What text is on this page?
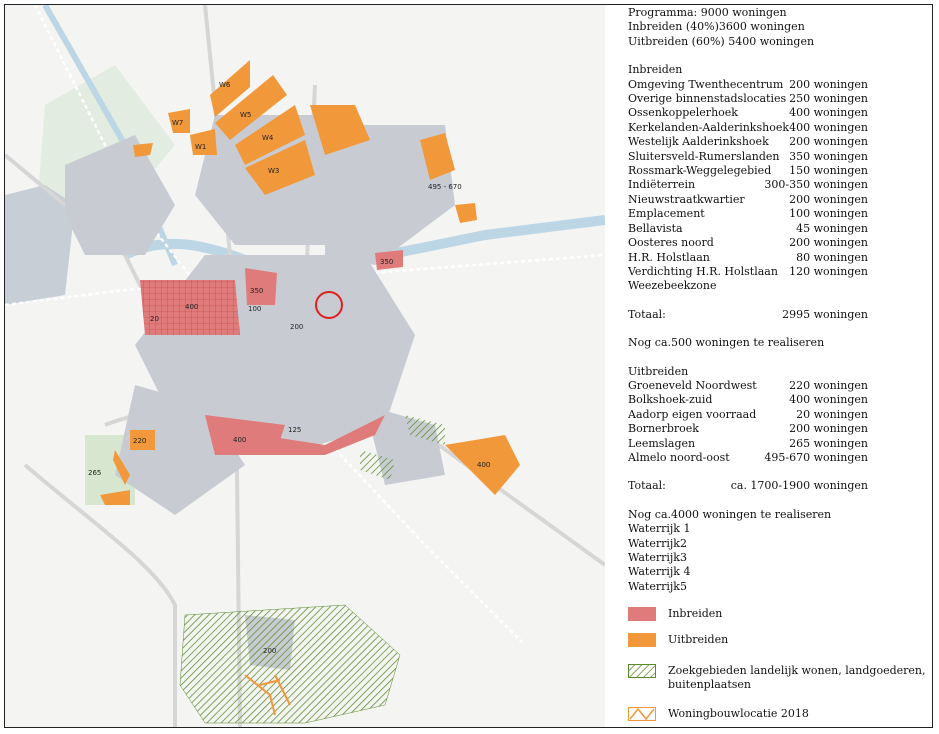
W6
W5
W7
W1
W4
W3
495 - 670
350
350
400
20
100
200
265
220	400
125
400
200
Programma: 9000 woningen
Inbreiden (40%)3600 woningen
Uitbreiden (60%) 5400 woningen
Inbreiden
Omgeving Twenthecentrum 200 woningen
Overige binnenstadslocaties 250 woningen
Ossenkoppelerhoek	400 woningen
Kerkelanden-Aalderinkshoek 400 woningen
Westelijk Aalderinkshoek 200 woningen
Sluitersveld-Rumerslanden 350 woningen
Rossmark-Weggelegebied 150 woningen
Indiëterrein	300-350 woningen
Nieuwstraatkwartier	200 woningen
Emplacement	100 woningen
Bellavista	45 woningen
Oosteres noord	200 woningen
H.R. Holstlaan	80 woningen
Verdichting H.R. Holstlaan 120 woningen
Weezebeekzone
Totaal:	2995 woningen
Nog ca.500 woningen te realiseren
Uitbreiden
Groeneveld Noordwest	220 woningen
Bolkshoek-zuid	400 woningen
Aadorp eigen voorraad	20 woningen
Bornerbroek	200 woningen
Leemslagen	265 woningen
Almelo noord-oost	495-670 woningen
Totaal:	ca. 1700-1900 woningen
Nog ca.4000 woningen te realiseren
Waterrijk 1
Waterrijk2
Waterrijk3
Waterrijk 4
Waterrijk5
Inbreiden
Uitbreiden
Zoekgebieden landelijk wonen, landgoederen,
buitenplaatsen
Woningbouwlocatie 2018
